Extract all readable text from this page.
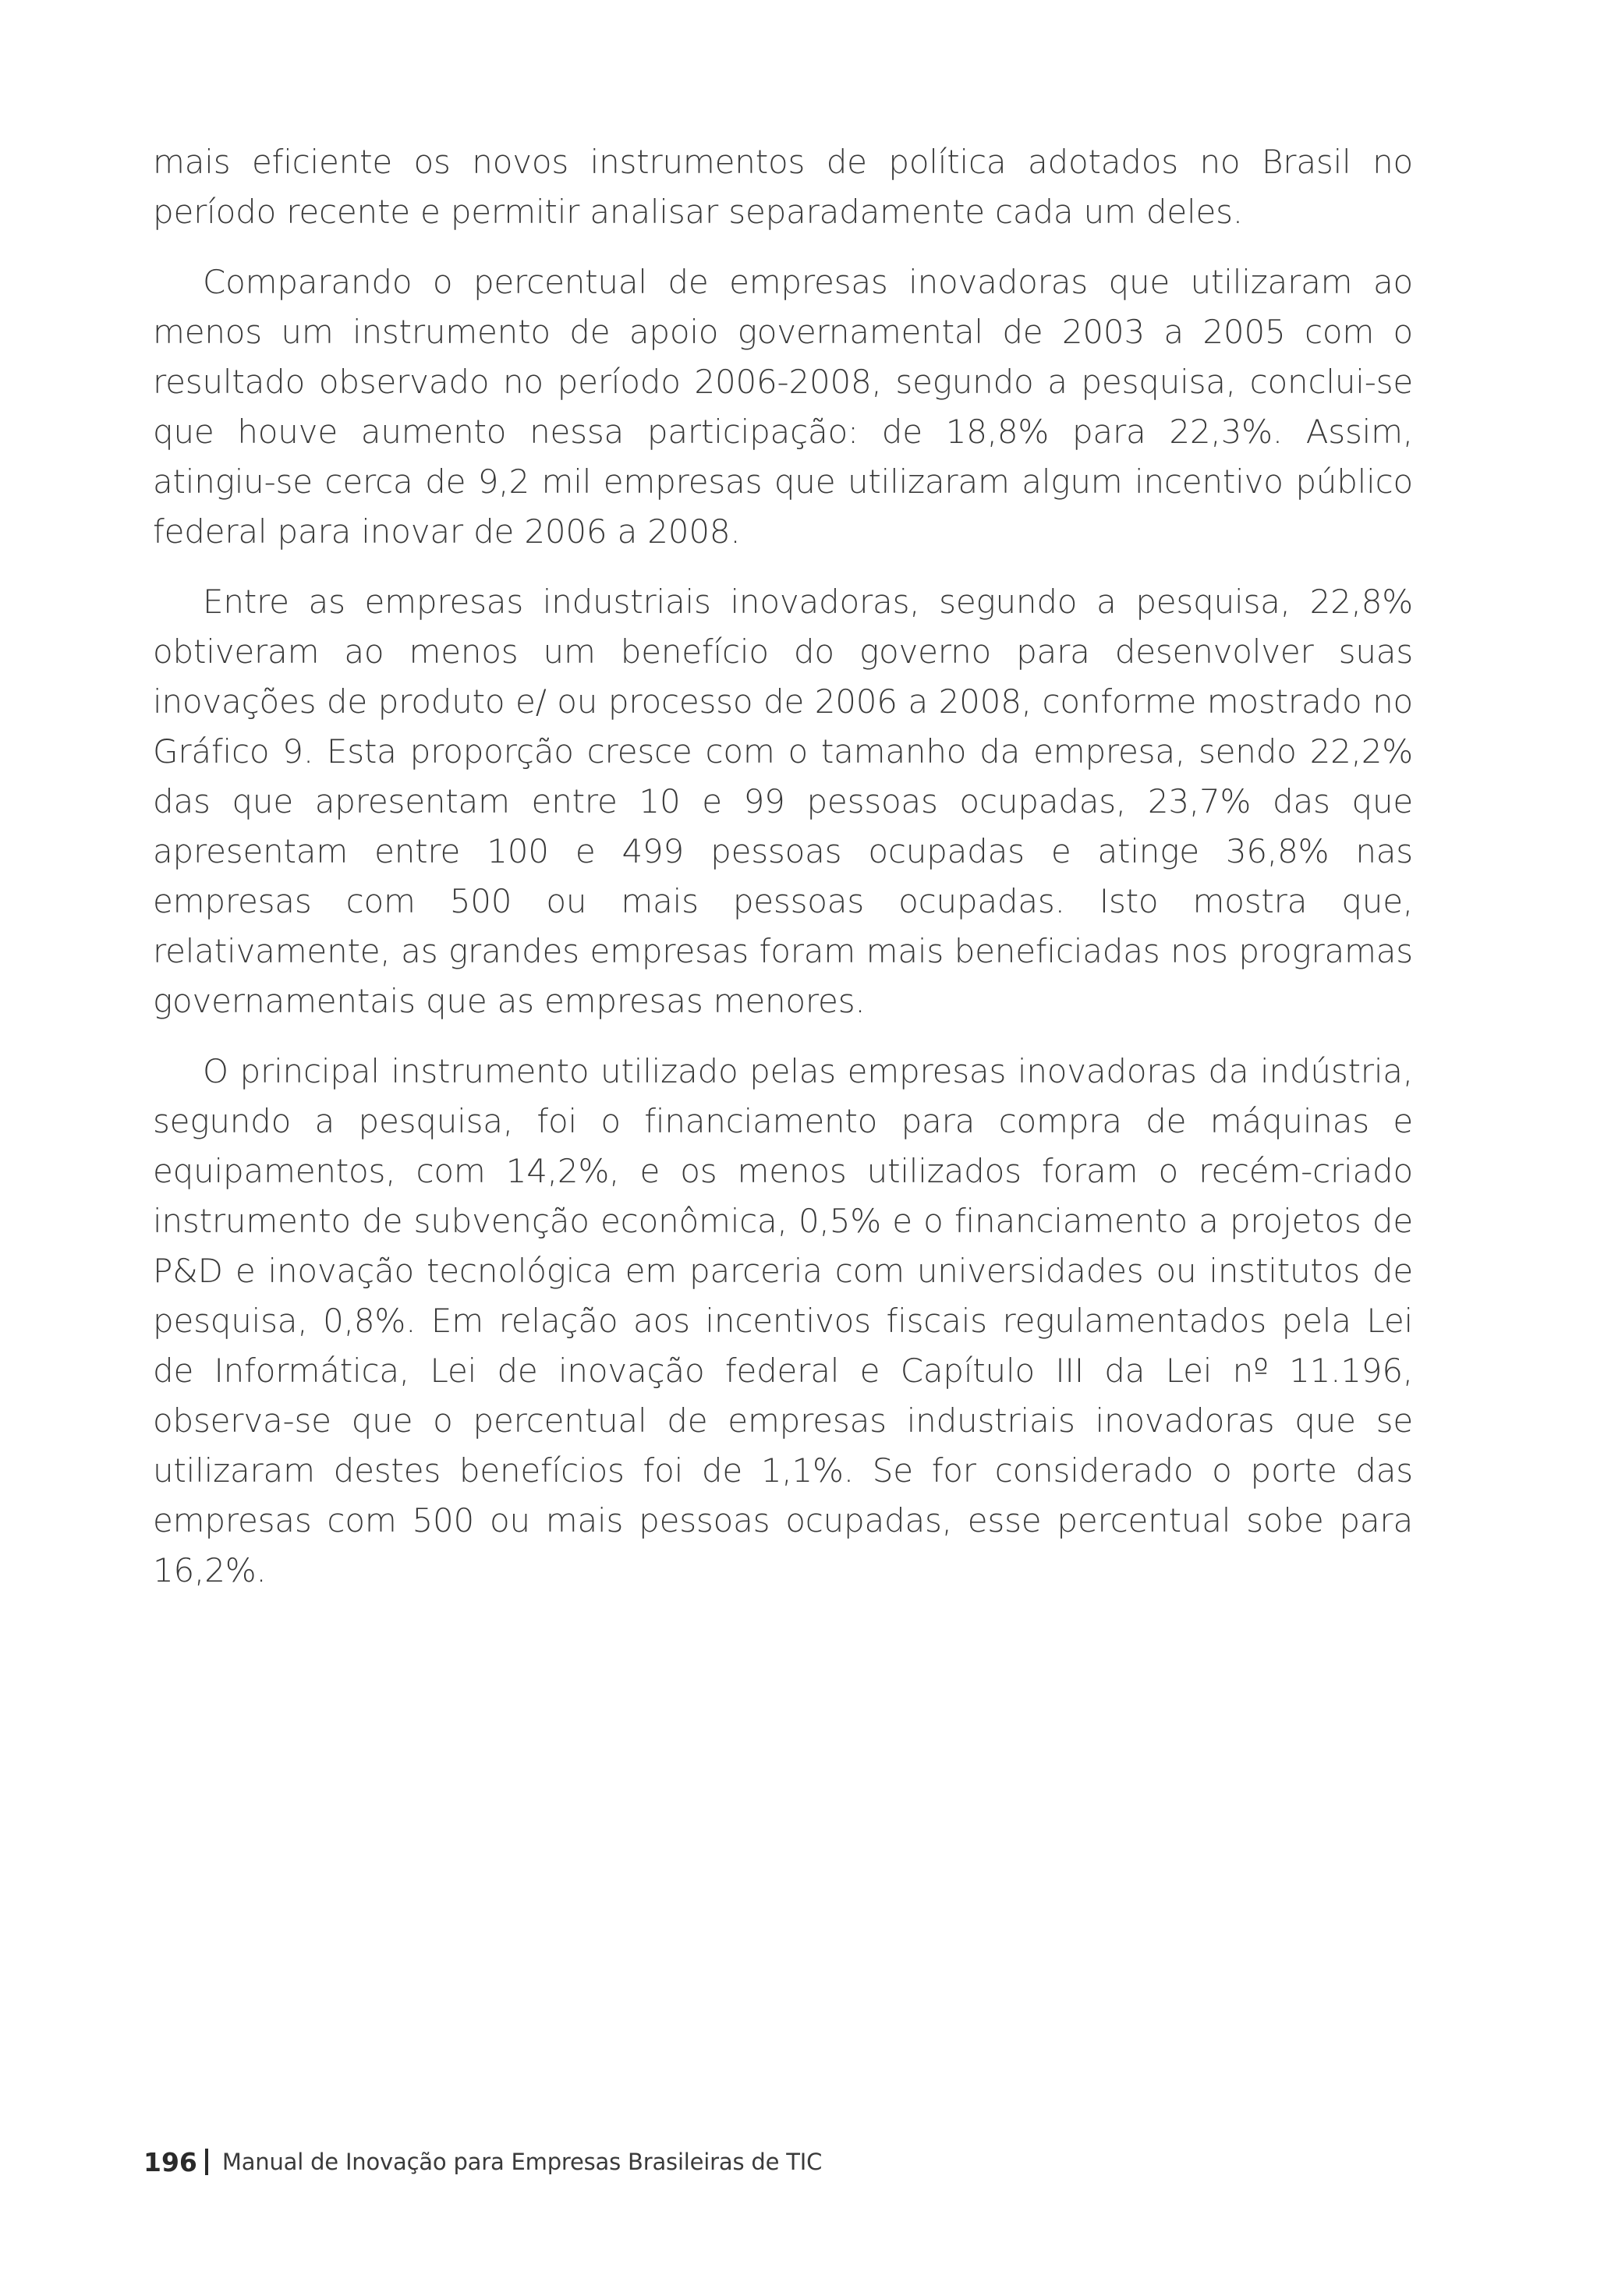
mais eficiente os novos instrumentos de política adotados no Brasil no período recente e permitir analisar separadamente cada um deles.

Comparando o percentual de empresas inovadoras que utilizaram ao menos um instrumento de apoio governamental de 2003 a 2005 com o resultado observado no período 2006-2008, segundo a pesquisa, conclui-se que houve aumento nessa participação: de 18,8% para 22,3%. Assim, atingiu-se cerca de 9,2 mil empresas que utilizaram algum incentivo público federal para inovar de 2006 a 2008.

Entre as empresas industriais inovadoras, segundo a pesquisa, 22,8% obtiveram ao menos um benefício do governo para desenvolver suas inovações de produto e/ ou processo de 2006 a 2008, conforme mostrado no Gráfico 9. Esta proporção cresce com o tamanho da empresa, sendo 22,2% das que apresentam entre 10 e 99 pessoas ocupadas, 23,7% das que apresentam entre 100 e 499 pessoas ocupadas e atinge 36,8% nas empresas com 500 ou mais pessoas ocupadas. Isto mostra que, relativamente, as grandes empresas foram mais beneficiadas nos programas governamentais que as empresas menores.

O principal instrumento utilizado pelas empresas inovadoras da indústria, segundo a pesquisa, foi o financiamento para compra de máquinas e equipamentos, com 14,2%, e os menos utilizados foram o recém-criado instrumento de subvenção econômica, 0,5% e o financiamento a projetos de P&D e inovação tecnológica em parceria com universidades ou institutos de pesquisa, 0,8%. Em relação aos incentivos fiscais regulamentados pela Lei de Informática, Lei de inovação federal e Capítulo III da Lei nº 11.196, observa-se que o percentual de empresas industriais inovadoras que se utilizaram destes benefícios foi de 1,1%. Se for considerado o porte das empresas com 500 ou mais pessoas ocupadas, esse percentual sobe para 16,2%.

196 Manual de Inovação para Empresas Brasileiras de TIC
